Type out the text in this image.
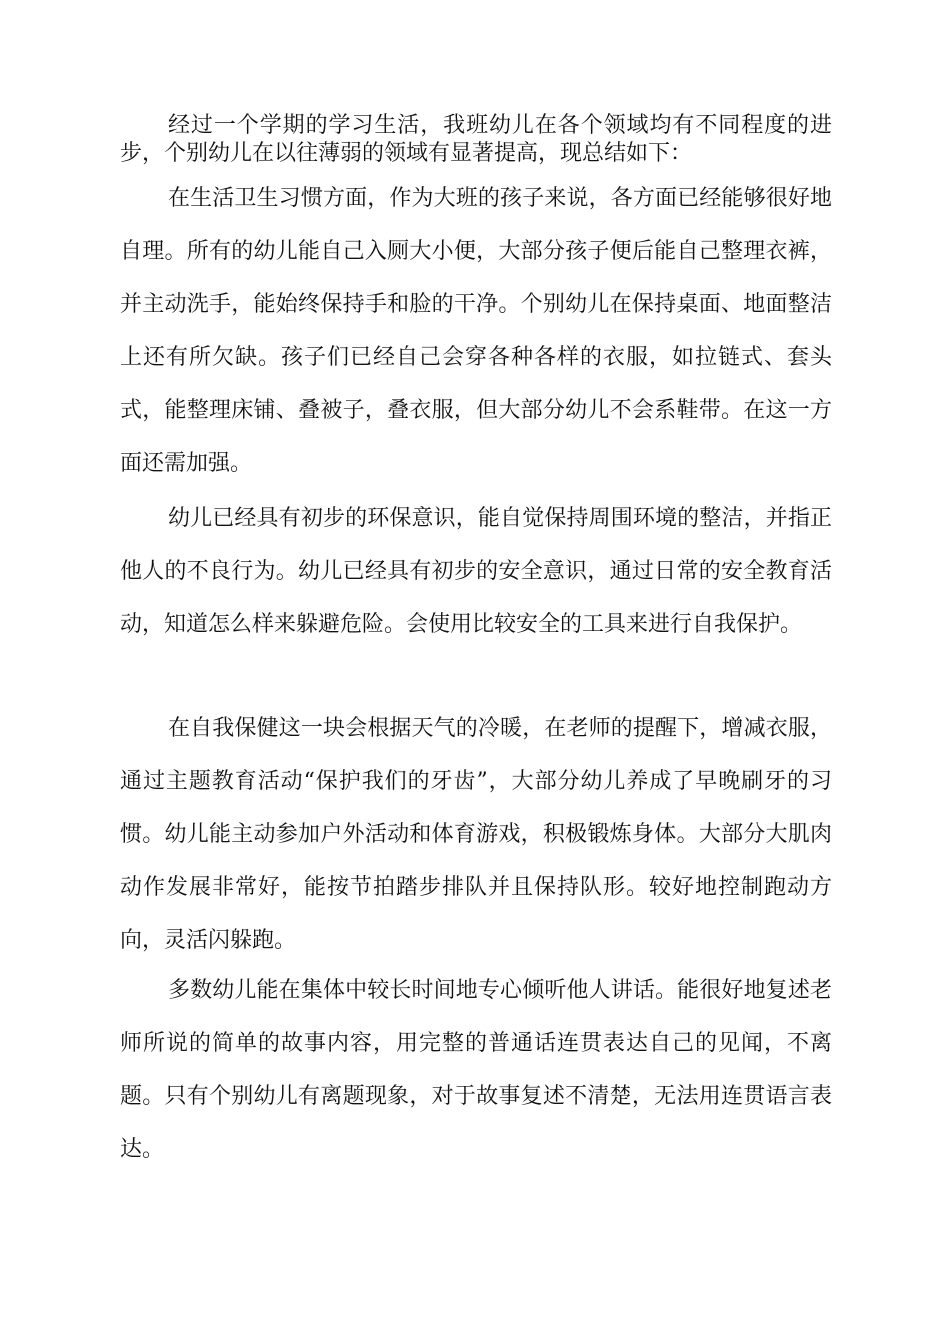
经过一个学期的学习生活，我班幼儿在各个领域均有不同程度的进步，个别幼儿在以往薄弱的领域有显著提高，现总结如下：

在生活卫生习惯方面，作为大班的孩子来说，各方面已经能够很好地自理。所有的幼儿能自己入厕大小便，大部分孩子便后能自己整理衣裤，并主动洗手，能始终保持手和脸的干净。个别幼儿在保持桌面、地面整洁上还有所欠缺。孩子们已经自己会穿各种各样的衣服，如拉链式、套头式，能整理床铺、叠被子，叠衣服，但大部分幼儿不会系鞋带。在这一方面还需加强。

幼儿已经具有初步的环保意识，能自觉保持周围环境的整洁，并指正他人的不良行为。幼儿已经具有初步的安全意识，通过日常的安全教育活动，知道怎么样来躲避危险。会使用比较安全的工具来进行自我保护。

在自我保健这一块会根据天气的冷暖，在老师的提醒下，增减衣服，通过主题教育活动“保护我们的牙齿”，大部分幼儿养成了早晚刷牙的习惯。幼儿能主动参加户外活动和体育游戏，积极锻炼身体。大部分大肌肉动作发展非常好，能按节拍踏步排队并且保持队形。较好地控制跑动方向，灵活闪躲跑。

多数幼儿能在集体中较长时间地专心倾听他人讲话。能很好地复述老师所说的简单的故事内容，用完整的普通话连贯表达自己的见闻，不离题。只有个别幼儿有离题现象，对于故事复述不清楚，无法用连贯语言表达。
